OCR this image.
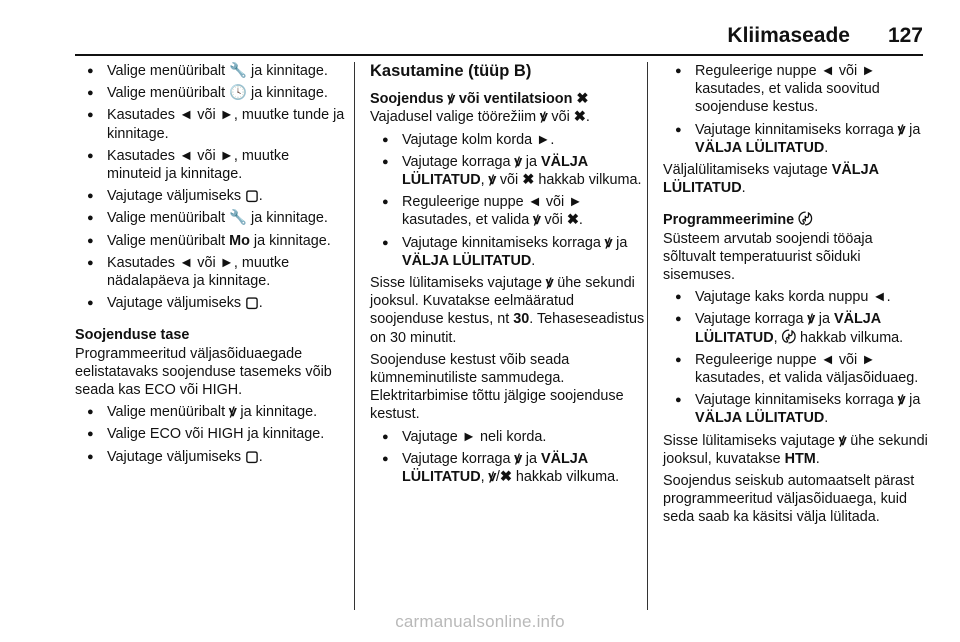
Kliimaseade 127
● Valige menüüribalt 🔧 ja kinnitage.
● Valige menüüribalt 🕓 ja kinnitage.
● Kasutades ◄ või ►, muutke tunde ja kinnitage.
● Kasutades ◄ või ►, muutke minuteid ja kinnitage.
● Vajutage väljumiseks ▢.
● Valige menüüribalt 🔧 ja kinnitage.
● Valige menüüribalt Mo ja kinnitage.
● Kasutades ◄ või ►, muutke nädalapäeva ja kinnitage.
● Vajutage väljumiseks ▢.
Soojenduse tase
Programmeeritud väljasõiduaegade eelistatavaks soojenduse tasemeks võib seada kas ECO või HIGH.
● Valige menüüribalt ꝟ ja kinnitage.
● Valige ECO või HIGH ja kinnitage.
● Vajutage väljumiseks ▢.
Kasutamine (tüüp B)
Soojendus ꝟ või ventilatsioon ✖
Vajadusel valige töörežiim ꝟ või ✖.
● Vajutage kolm korda ►.
● Vajutage korraga ꝟ ja VÄLJA LÜLITATUD, ꝟ või ✖ hakkab vilkuma.
● Reguleerige nuppe ◄ või ► kasutades, et valida ꝟ või ✖.
● Vajutage kinnitamiseks korraga ꝟ ja VÄLJA LÜLITATUD.
Sisse lülitamiseks vajutage ꝟ ühe sekundi jooksul. Kuvatakse eelmääratud soojenduse kestus, nt 30. Tehaseseadistus on 30 minutit.
Soojenduse kestust võib seada kümneminutiliste sammudega. Elektritarbimise tõttu jälgige soojenduse kestust.
● Vajutage ► neli korda.
● Vajutage korraga ꝟ ja VÄLJA LÜLITATUD, ꝟ/✖ hakkab vilkuma.
● Reguleerige nuppe ◄ või ► kasutades, et valida soovitud soojenduse kestus.
● Vajutage kinnitamiseks korraga ꝟ ja VÄLJA LÜLITATUD.
Väljalülitamiseks vajutage VÄLJA LÜLITATUD.
Programmeerimine 〄
Süsteem arvutab soojendi tööaja sõltuvalt temperatuurist sõiduki sisemuses.
● Vajutage kaks korda nuppu ◄.
● Vajutage korraga ꝟ ja VÄLJA LÜLITATUD, 〄 hakkab vilkuma.
● Reguleerige nuppe ◄ või ► kasutades, et valida väljasõiduaeg.
● Vajutage kinnitamiseks korraga ꝟ ja VÄLJA LÜLITATUD.
Sisse lülitamiseks vajutage ꝟ ühe sekundi jooksul, kuvatakse HTM.
Soojendus seiskub automaatselt pärast programmeeritud väljasõiduaega, kuid seda saab ka käsitsi välja lülitada.
carmanualsonline.info
